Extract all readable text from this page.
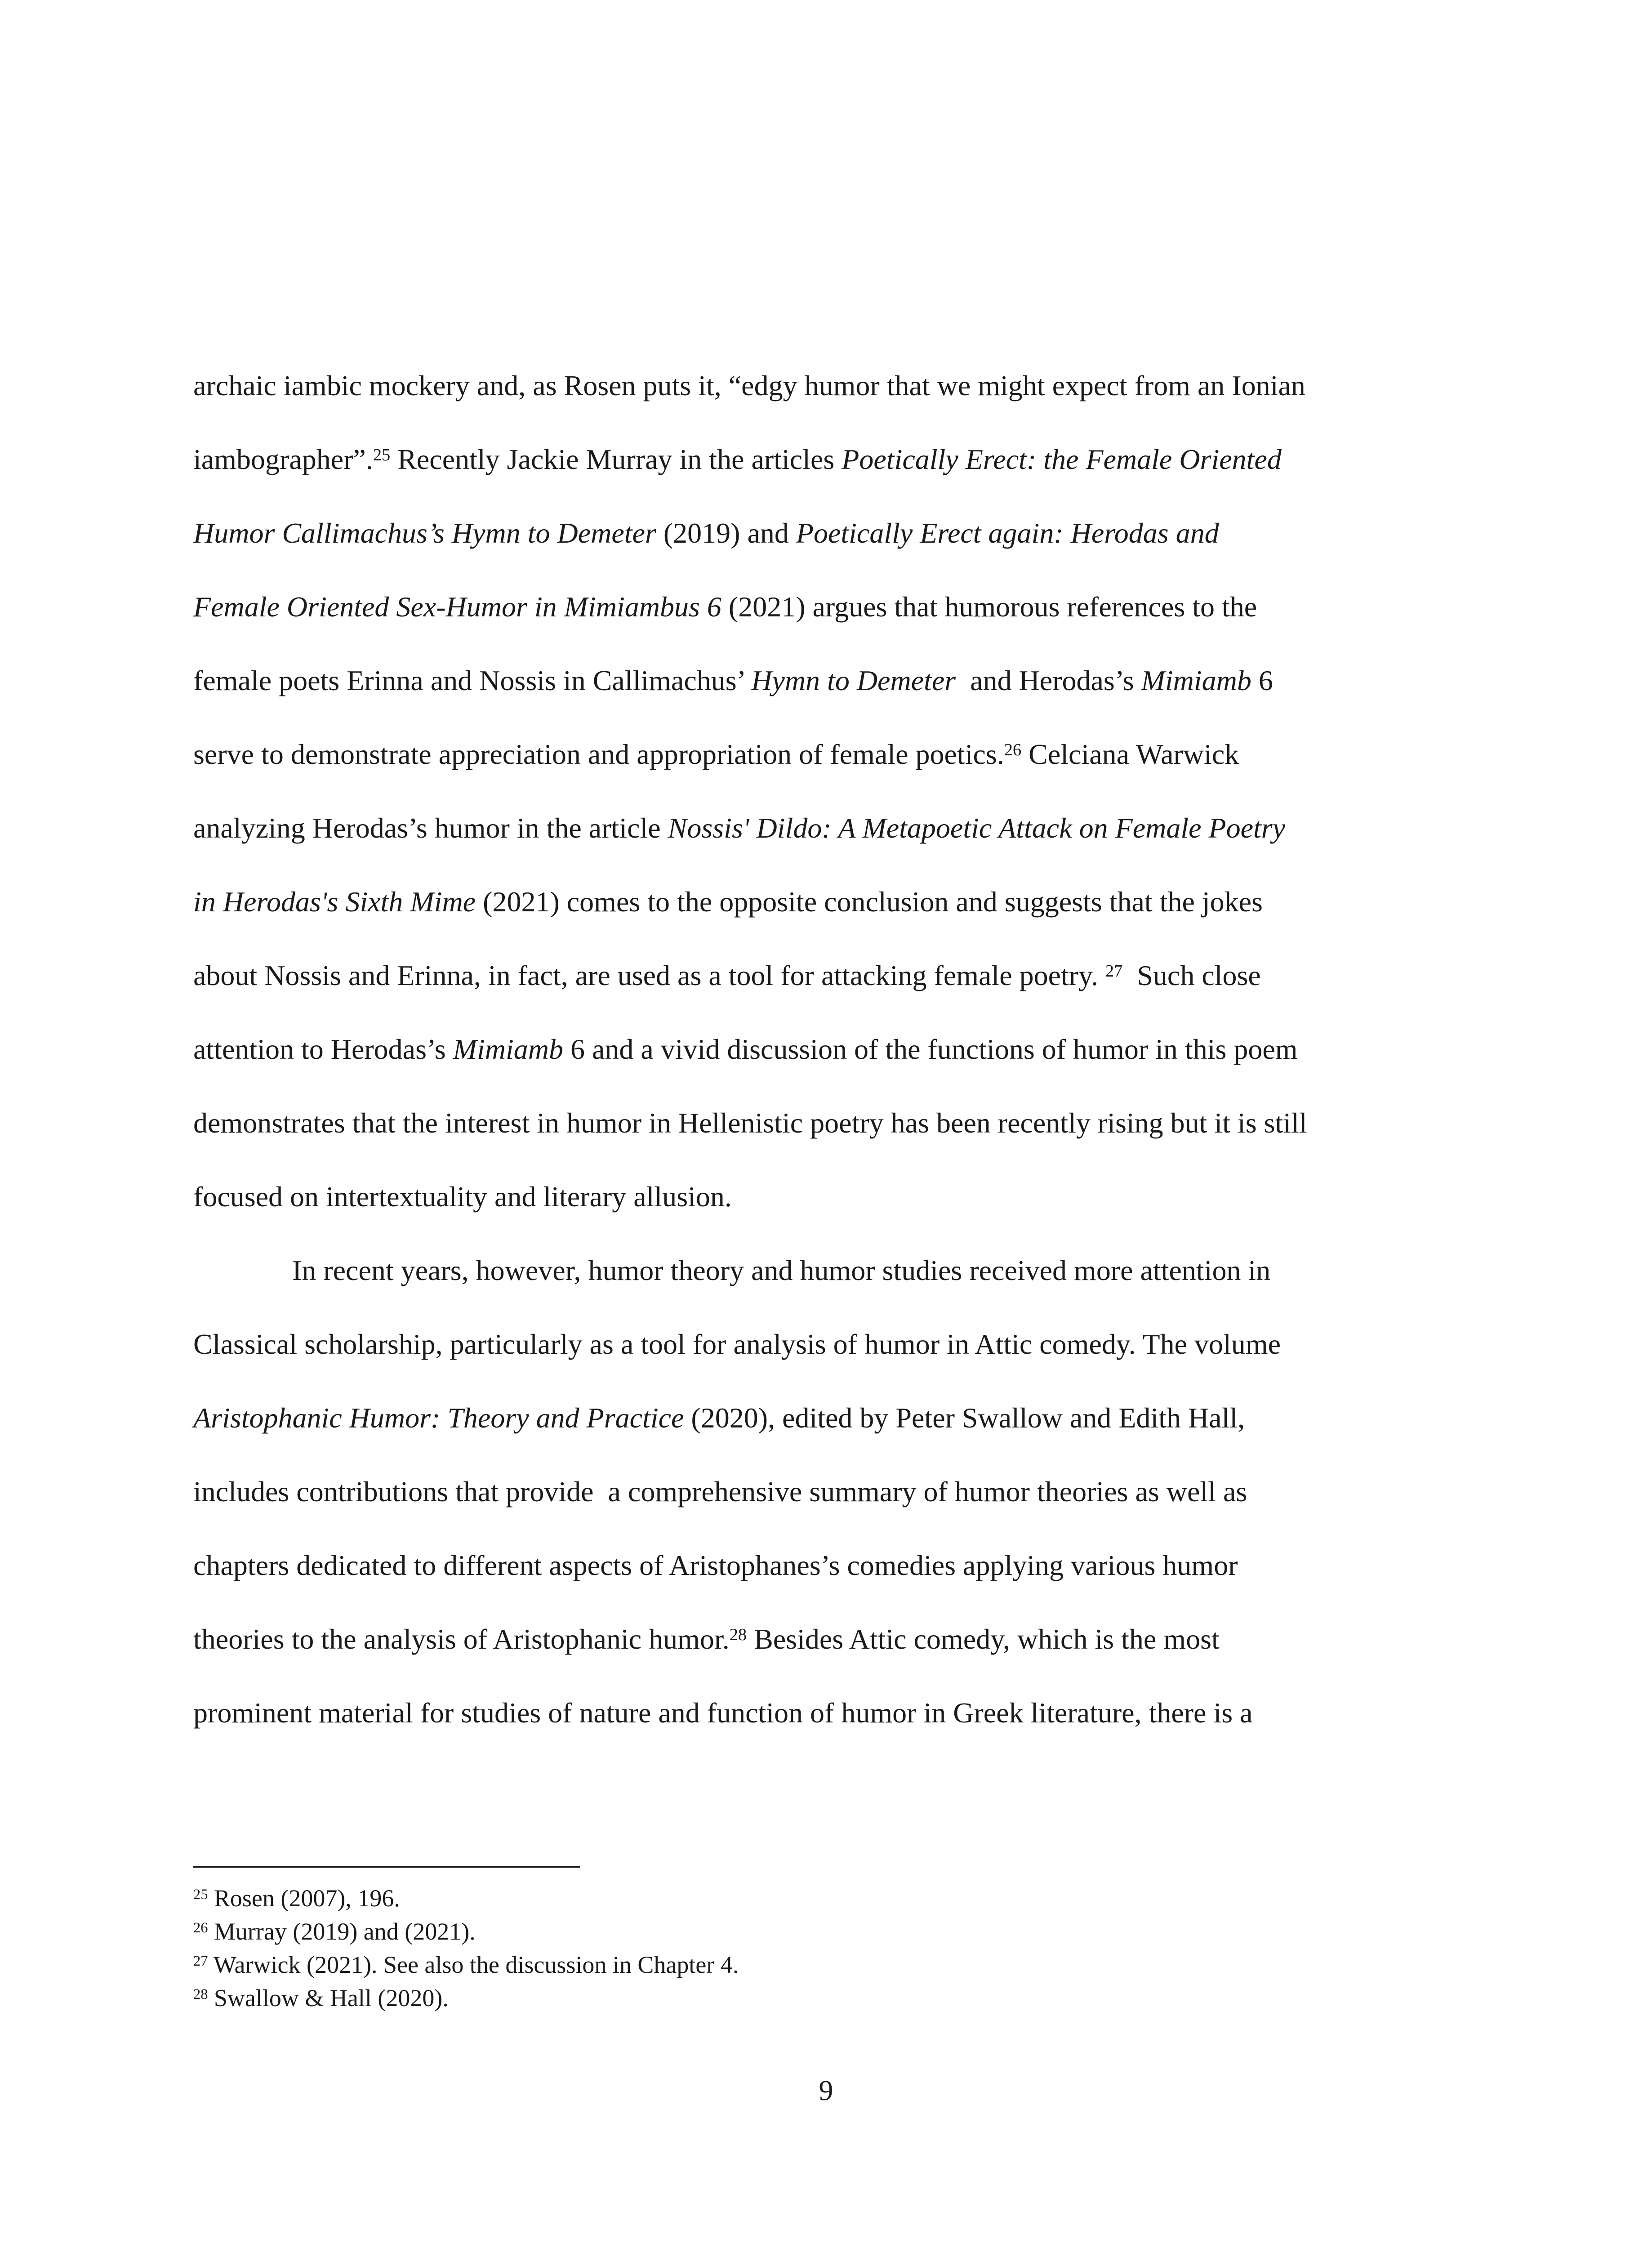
archaic iambic mockery and, as Rosen puts it, “edgy humor that we might expect from an Ionian
iambographer”.$^{25}$ Recently Jackie Murray in the articles Poetically Erect: the Female Oriented
Humor Callimachus’s Hymn to Demeter (2019) and Poetically Erect again: Herodas and
Female Oriented Sex-Humor in Mimiambus 6 (2021) argues that humorous references to the
female poets Erinna and Nossis in Callimachus’ Hymn to Demeter  and Herodas’s Mimiamb 6
serve to demonstrate appreciation and appropriation of female poetics.$^{26}$ Celciana Warwick
analyzing Herodas’s humor in the article Nossis' Dildo: A Metapoetic Attack on Female Poetry
in Herodas's Sixth Mime (2021) comes to the opposite conclusion and suggests that the jokes
about Nossis and Erinna, in fact, are used as a tool for attacking female poetry. $^{27}$  Such close
attention to Herodas’s Mimiamb 6 and a vivid discussion of the functions of humor in this poem
demonstrates that the interest in humor in Hellenistic poetry has been recently rising but it is still
focused on intertextuality and literary allusion.
In recent years, however, humor theory and humor studies received more attention in
Classical scholarship, particularly as a tool for analysis of humor in Attic comedy. The volume
Aristophanic Humor: Theory and Practice (2020), edited by Peter Swallow and Edith Hall,
includes contributions that provide  a comprehensive summary of humor theories as well as
chapters dedicated to different aspects of Aristophanes’s comedies applying various humor
theories to the analysis of Aristophanic humor.$^{28}$ Besides Attic comedy, which is the most
prominent material for studies of nature and function of humor in Greek literature, there is a
$^{25}$ Rosen (2007), 196.
$^{26}$ Murray (2019) and (2021).
$^{27}$ Warwick (2021). See also the discussion in Chapter 4.
$^{28}$ Swallow & Hall (2020).
9
